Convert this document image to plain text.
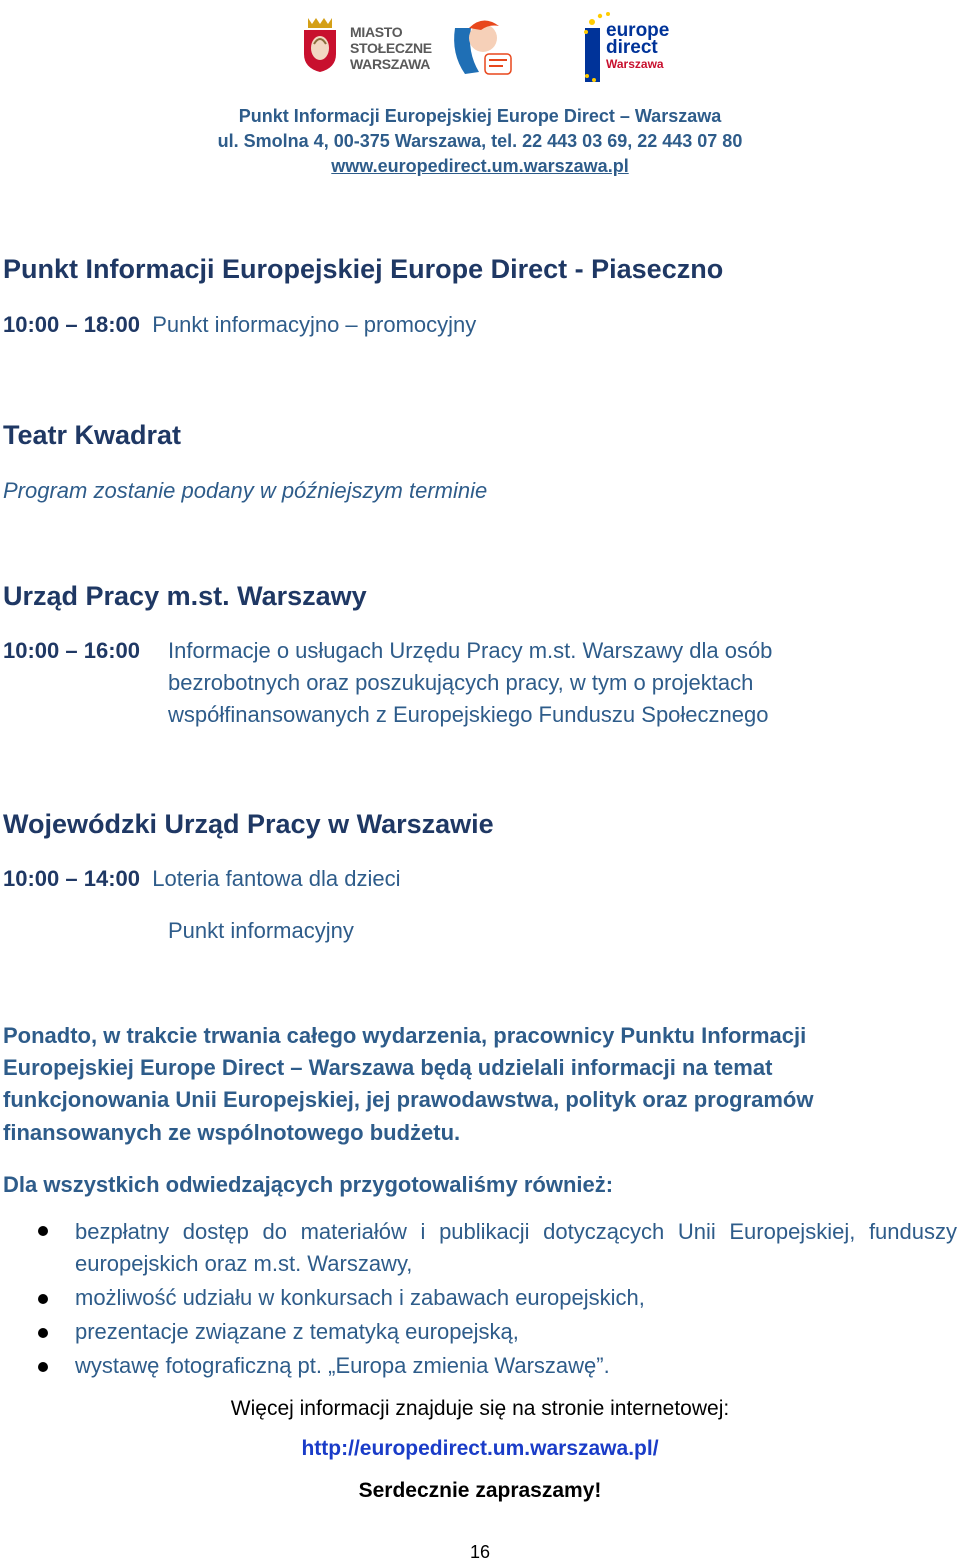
MIASTO
STOŁECZNE
WARSZAWA
europe
direct
Warszawa
Punkt Informacji Europejskiej Europe Direct – Warszawa
ul. Smolna 4, 00-375 Warszawa, tel. 22 443 03 69, 22 443 07 80
www.europedirect.um.warszawa.pl
Punkt Informacji Europejskiej Europe Direct - Piaseczno
10:00 – 18:00 Punkt informacyjno – promocyjny
Teatr Kwadrat
Program zostanie podany w późniejszym terminie
Urząd Pracy m.st. Warszawy
10:00 – 16:00 Informacje o usługach Urzędu Pracy m.st. Warszawy dla osób
bezrobotnych oraz poszukujących pracy, w tym o projektach
współfinansowanych z Europejskiego Funduszu Społecznego
Wojewódzki Urząd Pracy w Warszawie
10:00 – 14:00 Loteria fantowa dla dzieci
Punkt informacyjny
Ponadto, w trakcie trwania całego wydarzenia, pracownicy Punktu Informacji
Europejskiej Europe Direct – Warszawa będą udzielali informacji na temat
funkcjonowania Unii Europejskiej, jej prawodawstwa, polityk oraz programów
finansowanych ze wspólnotowego budżetu.
Dla wszystkich odwiedzających przygotowaliśmy również:
bezpłatny dostęp do materiałów i publikacji dotyczących Unii Europejskiej, funduszy europejskich oraz m.st. Warszawy,
możliwość udziału w konkursach i zabawach europejskich,
prezentacje związane z tematyką europejską,
wystawę fotograficzną pt. „Europa zmienia Warszawę”.
Więcej informacji znajduje się na stronie internetowej:
http://europedirect.um.warszawa.pl/
Serdecznie zapraszamy!
16
